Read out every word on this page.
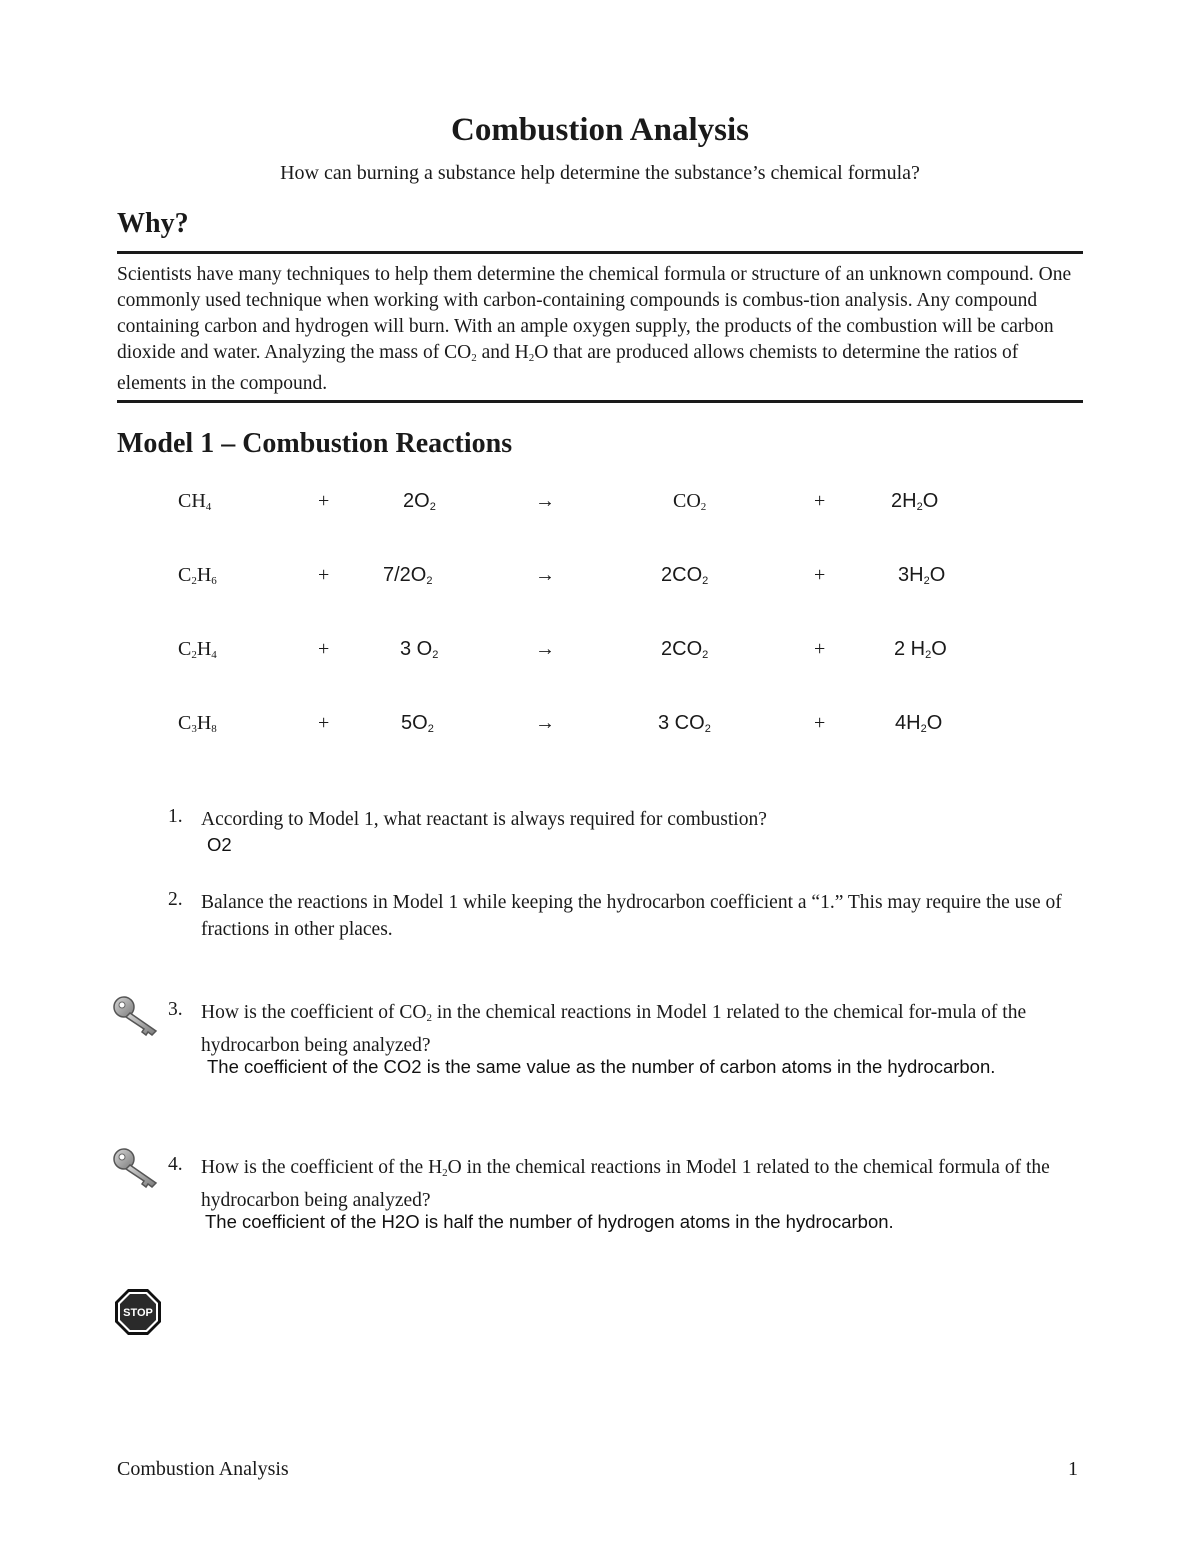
Combustion Analysis
How can burning a substance help determine the substance’s chemical formula?
Why?
Scientists have many techniques to help them determine the chemical formula or structure of an unknown compound. One commonly used technique when working with carbon-containing compounds is combus-tion analysis. Any compound containing carbon and hydrogen will burn. With an ample oxygen supply, the products of the combustion will be carbon dioxide and water. Analyzing the mass of $CO_2$ and $H_2O$ that are produced allows chemists to determine the ratios of elements in the compound.
Model 1 – Combustion Reactions
$CH_4$	+	$2O_2$	→	$CO_2$	+	$2H_2O$
$C_2H_6$	+	$7/2O_2$	→	$2CO_2$	+	$3H_2O$
$C_2H_4$	+	3 $O_2$	→	$2CO_2$	+	2 $H_2O$
$C_3H_8$	+	$5O_2$	→	3 $CO_2$	+	$4H_2O$
1. According to Model 1, what reactant is always required for combustion?
O2
2. Balance the reactions in Model 1 while keeping the hydrocarbon coefficient a “1.” This may require the use of fractions in other places.
3. How is the coefficient of $CO_2$ in the chemical reactions in Model 1 related to the chemical for-mula of the hydrocarbon being analyzed?
The coefficient of the CO2 is the same value as the number of carbon atoms in the hydrocarbon.
4. How is the coefficient of the $H_2O$ in the chemical reactions in Model 1 related to the chemical formula of the hydrocarbon being analyzed?
The coefficient of the H2O is half the number of hydrogen atoms in the hydrocarbon.
STOP
Combustion Analysis	1
